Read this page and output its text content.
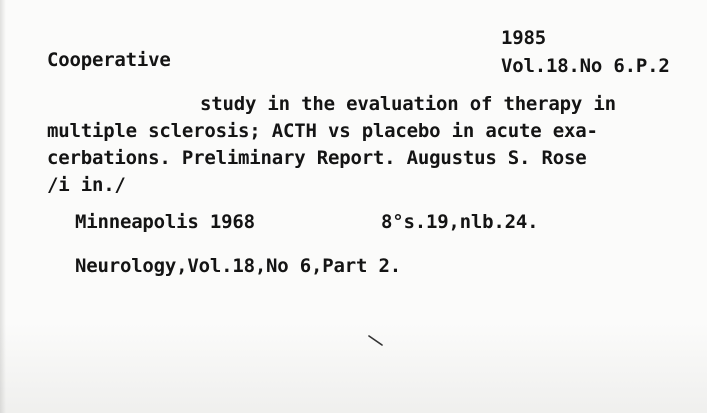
1985
Cooperative	Vol.18.No 6.P.2
study in the evaluation of therapy in
multiple sclerosis; ACTH vs placebo in acute exa-
cerbations. Preliminary Report. Augustus S. Rose
/i in./
Minneapolis 1968	8°s.19,nlb.24.
Neurology,Vol.18,No 6,Part 2.
